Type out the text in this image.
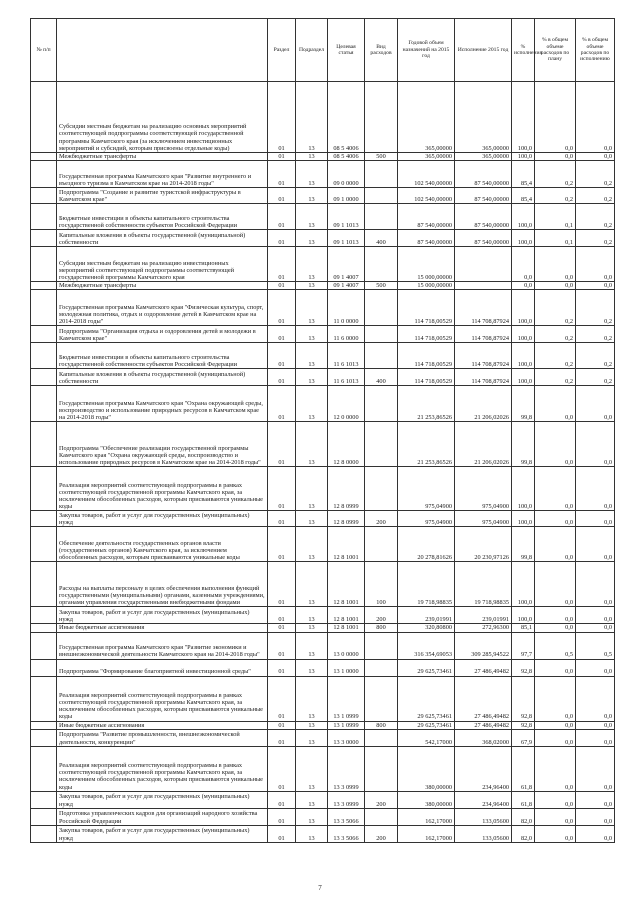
№ п/п		Раздел	Подраздел	Целевая статья	Вид расходов	Годовой объем назначений на 2015 год	Исполнение 2015 год	% исполнения	% в общем объеме расходов по плану	% в общем объеме расходов по исполнению
	Субсидии местным бюджетам на реализацию основных мероприятий соответствующей подпрограммы соответствующей государственной программы Камчатского края (за исключением инвестиционных мероприятий и субсидий, которым присвоены отдельные коды)	01	13	08 5 4006		365,00000	365,00000	100,0	0,0	0,0
	Межбюджетные трансферты	01	13	08 5 4006	500	365,00000	365,00000	100,0	0,0	0,0
	Государственная программа Камчатского края "Развитие внутреннего и въездного туризма в Камчатском крае на 2014-2018 годы"	01	13	09 0 0000		102 540,00000	87 540,00000	85,4	0,2	0,2
	Подпрограмма "Создание и развитие туристской инфраструктуры в Камчатском крае"	01	13	09 1 0000		102 540,00000	87 540,00000	85,4	0,2	0,2
	Бюджетные инвестиции в объекты капитального строительства государственной собственности субъектов Российской Федерации	01	13	09 1 1013		87 540,00000	87 540,00000	100,0	0,1	0,2
	Капитальные вложения в объекты государственной (муниципальной) собственности	01	13	09 1 1013	400	87 540,00000	87 540,00000	100,0	0,1	0,2
	Субсидии местным бюджетам на реализацию инвестиционных мероприятий соответствующей подпрограммы соответствующей государственной программы Камчатского края	01	13	09 1 4007		15 000,00000		0,0	0,0	0,0
	Межбюджетные трансферты	01	13	09 1 4007	500	15 000,00000		0,0	0,0	0,0
	Государственная программа Камчатского края "Физическая культура, спорт, молодежная политика, отдых и оздоровление детей в Камчатском крае на 2014-2018 годы"	01	13	11 0 0000		114 718,00529	114 708,87924	100,0	0,2	0,2
	Подпрограмма "Организация отдыха и оздоровления детей и молодежи в Камчатском крае"	01	13	11 6 0000		114 718,00529	114 708,87924	100,0	0,2	0,2
	Бюджетные инвестиции в объекты капитального строительства государственной собственности субъектов Российской Федерации	01	13	11 6 1013		114 718,00529	114 708,87924	100,0	0,2	0,2
	Капитальные вложения в объекты государственной (муниципальной) собственности	01	13	11 6 1013	400	114 718,00529	114 708,87924	100,0	0,2	0,2
	Государственная программа Камчатского края "Охрана окружающей среды, воспроизводство и использование природных ресурсов в Камчатском крае на 2014-2018 годы"	01	13	12 0 0000		21 253,86526	21 206,02026	99,8	0,0	0,0
	Подпрограмма "Обеспечение реализации государственной программы Камчатского края "Охрана окружающей среды, воспроизводство и использование природных ресурсов в Камчатском крае на 2014-2018 годы"	01	13	12 8 0000		21 253,86526	21 206,02026	99,8	0,0	0,0
	Реализация мероприятий соответствующей подпрограммы в рамках соответствующей государственной программы Камчатского края, за исключением обособленных расходов, которым присваиваются уникальные коды	01	13	12 8 0999		975,04900	975,04900	100,0	0,0	0,0
	Закупка товаров, работ и услуг для государственных (муниципальных) нужд	01	13	12 8 0999	200	975,04900	975,04900	100,0	0,0	0,0
	Обеспечение деятельности государственных органов власти (государственных органов) Камчатского края, за исключением обособленных расходов, которым присваиваются уникальные коды	01	13	12 8 1001		20 278,81626	20 230,97126	99,8	0,0	0,0
	Расходы на выплаты персоналу в целях обеспечения выполнения функций государственными (муниципальными) органами, казенными учреждениями, органами управления государственными внебюджетными фондами	01	13	12 8 1001	100	19 718,98835	19 718,98835	100,0	0,0	0,0
	Закупка товаров, работ и услуг для государственных (муниципальных) нужд	01	13	12 8 1001	200	239,01991	239,01991	100,0	0,0	0,0
	Иные бюджетные ассигнования	01	13	12 8 1001	800	320,80800	272,96300	85,1	0,0	0,0
	Государственная программа Камчатского края "Развитие экономики и внешнеэкономической деятельности Камчатского края на 2014-2018 годы"	01	13	13 0 0000		316 354,69053	309 285,94522	97,7	0,5	0,5
	Подпрограмма "Формирование благоприятной инвестиционной среды"	01	13	13 1 0000		29 625,73461	27 486,49482	92,8	0,0	0,0
	Реализация мероприятий соответствующей подпрограммы в рамках соответствующей государственной программы Камчатского края, за исключением обособленных расходов, которым присваиваются уникальные коды	01	13	13 1 0999		29 625,73461	27 486,49482	92,8	0,0	0,0
	Иные бюджетные ассигнования	01	13	13 1 0999	800	29 625,73461	27 486,49482	92,8	0,0	0,0
	Подпрограмма "Развитие промышленности, внешнеэкономической деятельности, конкуренции"	01	13	13 3 0000		542,17000	368,02000	67,9	0,0	0,0
	Реализация мероприятий соответствующей подпрограммы в рамках соответствующей государственной программы Камчатского края, за исключением обособленных расходов, которым присваиваются уникальные коды	01	13	13 3 0999		380,00000	234,96400	61,8	0,0	0,0
	Закупка товаров, работ и услуг для государственных (муниципальных) нужд	01	13	13 3 0999	200	380,00000	234,96400	61,8	0,0	0,0
	Подготовка управленческих кадров для организаций народного хозяйства Российской Федерации	01	13	13 3 5066		162,17000	133,05600	82,0	0,0	0,0
	Закупка товаров, работ и услуг для государственных (муниципальных) нужд	01	13	13 3 5066	200	162,17000	133,05600	82,0	0,0	0,0
7
